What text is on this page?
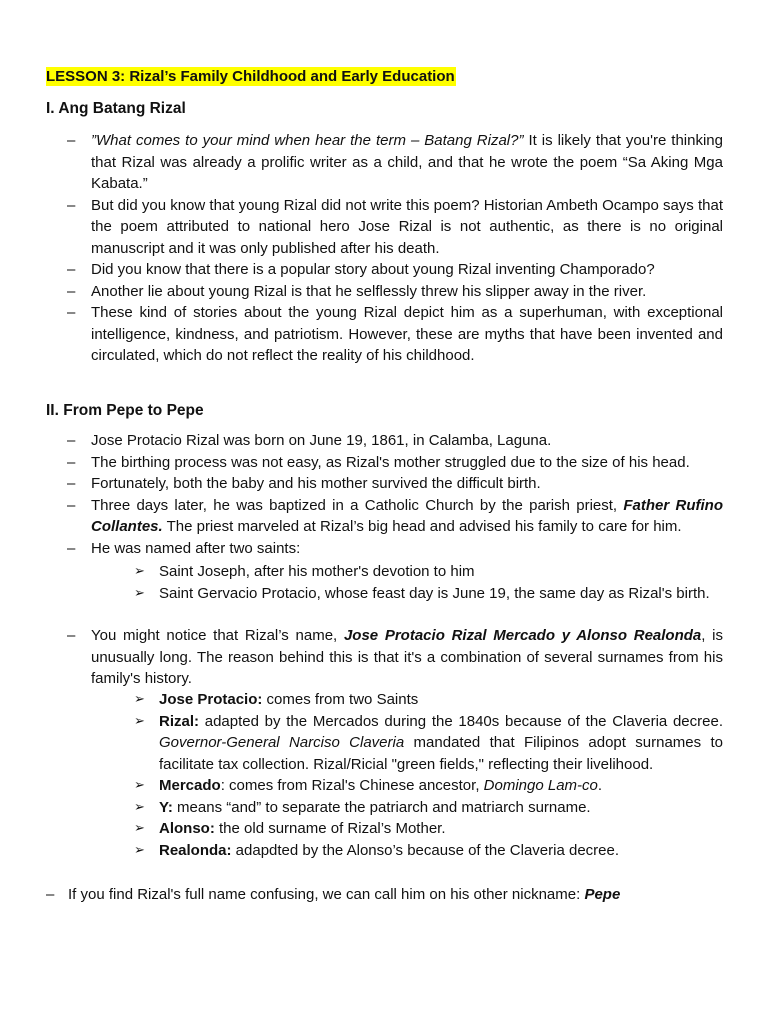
LESSON 3: Rizal’s Family Childhood and Early Education
I. Ang Batang Rizal
– ”What comes to your mind when hear the term – Batang Rizal?” It is likely that you're thinking that Rizal was already a prolific writer as a child, and that he wrote the poem “Sa Aking Mga Kabata.”
– But did you know that young Rizal did not write this poem? Historian Ambeth Ocampo says that the poem attributed to national hero Jose Rizal is not authentic, as there is no original manuscript and it was only published after his death.
– Did you know that there is a popular story about young Rizal inventing Champorado?
– Another lie about young Rizal is that he selflessly threw his slipper away in the river.
– These kind of stories about the young Rizal depict him as a superhuman, with exceptional intelligence, kindness, and patriotism. However, these are myths that have been invented and circulated, which do not reflect the reality of his childhood.
II. From Pepe to Pepe
– Jose Protacio Rizal was born on June 19, 1861, in Calamba, Laguna.
– The birthing process was not easy, as Rizal's mother struggled due to the size of his head.
– Fortunately, both the baby and his mother survived the difficult birth.
– Three days later, he was baptized in a Catholic Church by the parish priest, Father Rufino Collantes. The priest marveled at Rizal’s big head and advised his family to care for him.
– He was named after two saints:
➢ Saint Joseph, after his mother's devotion to him
➢ Saint Gervacio Protacio, whose feast day is June 19, the same day as Rizal's birth.
– You might notice that Rizal’s name, Jose Protacio Rizal Mercado y Alonso Realonda, is unusually long. The reason behind this is that it's a combination of several surnames from his family's history.
➢ Jose Protacio: comes from two Saints
➢ Rizal: adapted by the Mercados during the 1840s because of the Claveria decree. Governor-General Narciso Claveria mandated that Filipinos adopt surnames to facilitate tax collection. Rizal/Ricial "green fields," reflecting their livelihood.
➢ Mercado: comes from Rizal's Chinese ancestor, Domingo Lam-co.
➢ Y: means “and” to separate the patriarch and matriarch surname.
➢ Alonso: the old surname of Rizal’s Mother.
➢ Realonda: adapdted by the Alonso’s because of the Claveria decree.
– If you find Rizal's full name confusing, we can call him on his other nickname: Pepe
